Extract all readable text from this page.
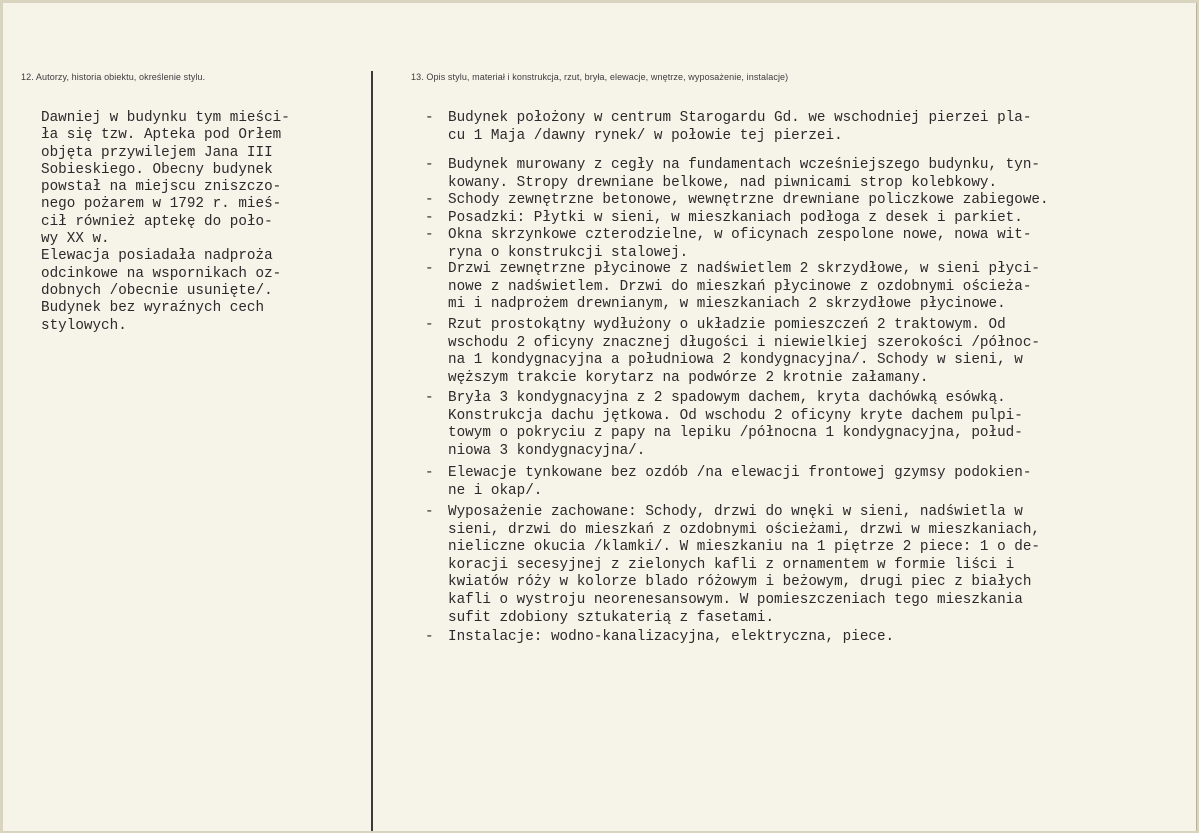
12. Autorzy, historia obiektu, określenie stylu.	13. Opis stylu, materiał i konstrukcja, rzut, bryła, elewacje, wnętrze, wyposażenie, instalacje)
Dawniej w budynku tym mieści-
ła się tzw. Apteka pod Orłem
objęta przywilejem Jana III
Sobieskiego. Obecny budynek
powstał na miejscu zniszczo-
nego pożarem w 1792 r. mieś-
cił również aptekę do poło-
wy XX w.
Elewacja posiadała nadproża
odcinkowe na wspornikach oz-
dobnych /obecnie usunięte/.
Budynek bez wyraźnych cech
stylowych.
- Budynek położony w centrum Starogardu Gd. we wschodniej pierzei pla-
cu 1 Maja /dawny rynek/ w połowie tej pierzei.
- Budynek murowany z cegły na fundamentach wcześniejszego budynku, tyn-
kowany. Stropy drewniane belkowe, nad piwnicami strop kolebkowy.
- Schody zewnętrzne betonowe, wewnętrzne drewniane policzkowe zabiegowe.
- Posadzki: Płytki w sieni, w mieszkaniach podłoga z desek i parkiet.
- Okna skrzynkowe czterodzielne, w oficynach zespolone nowe, nowa wit-
ryna o konstrukcji stalowej.
- Drzwi zewnętrzne płycinowe z nadświetlem 2 skrzydłowe, w sieni płyci-
nowe z nadświetlem. Drzwi do mieszkań płycinowe z ozdobnymi ościeża-
mi i nadprożem drewnianym, w mieszkaniach 2 skrzydłowe płycinowe.
- Rzut prostokątny wydłużony o układzie pomieszczeń 2 traktowym. Od
wschodu 2 oficyny znacznej długości i niewielkiej szerokości /północ-
na 1 kondygnacyjna a południowa 2 kondygnacyjna/. Schody w sieni, w
węższym trakcie korytarz na podwórze 2 krotnie załamany.
- Bryła 3 kondygnacyjna z 2 spadowym dachem, kryta dachówką esówką.
Konstrukcja dachu jętkowa. Od wschodu 2 oficyny kryte dachem pulpi-
towym o pokryciu z papy na lepiku /północna 1 kondygnacyjna, połud-
niowa 3 kondygnacyjna/.
- Elewacje tynkowane bez ozdób /na elewacji frontowej gzymsy podokien-
ne i okap/.
- Wyposażenie zachowane: Schody, drzwi do wnęki w sieni, nadświetla w
sieni, drzwi do mieszkań z ozdobnymi ościeżami, drzwi w mieszkaniach,
nieliczne okucia /klamki/. W mieszkaniu na 1 piętrze 2 piece: 1 o de-
koracji secesyjnej z zielonych kafli z ornamentem w formie liści i
kwiatów róży w kolorze blado różowym i beżowym, drugi piec z białych
kafli o wystroju neorenesansowym. W pomieszczeniach tego mieszkania
sufit zdobiony sztukaterią z fasetami.
- Instalacje: wodno-kanalizacyjna, elektryczna, piece.
